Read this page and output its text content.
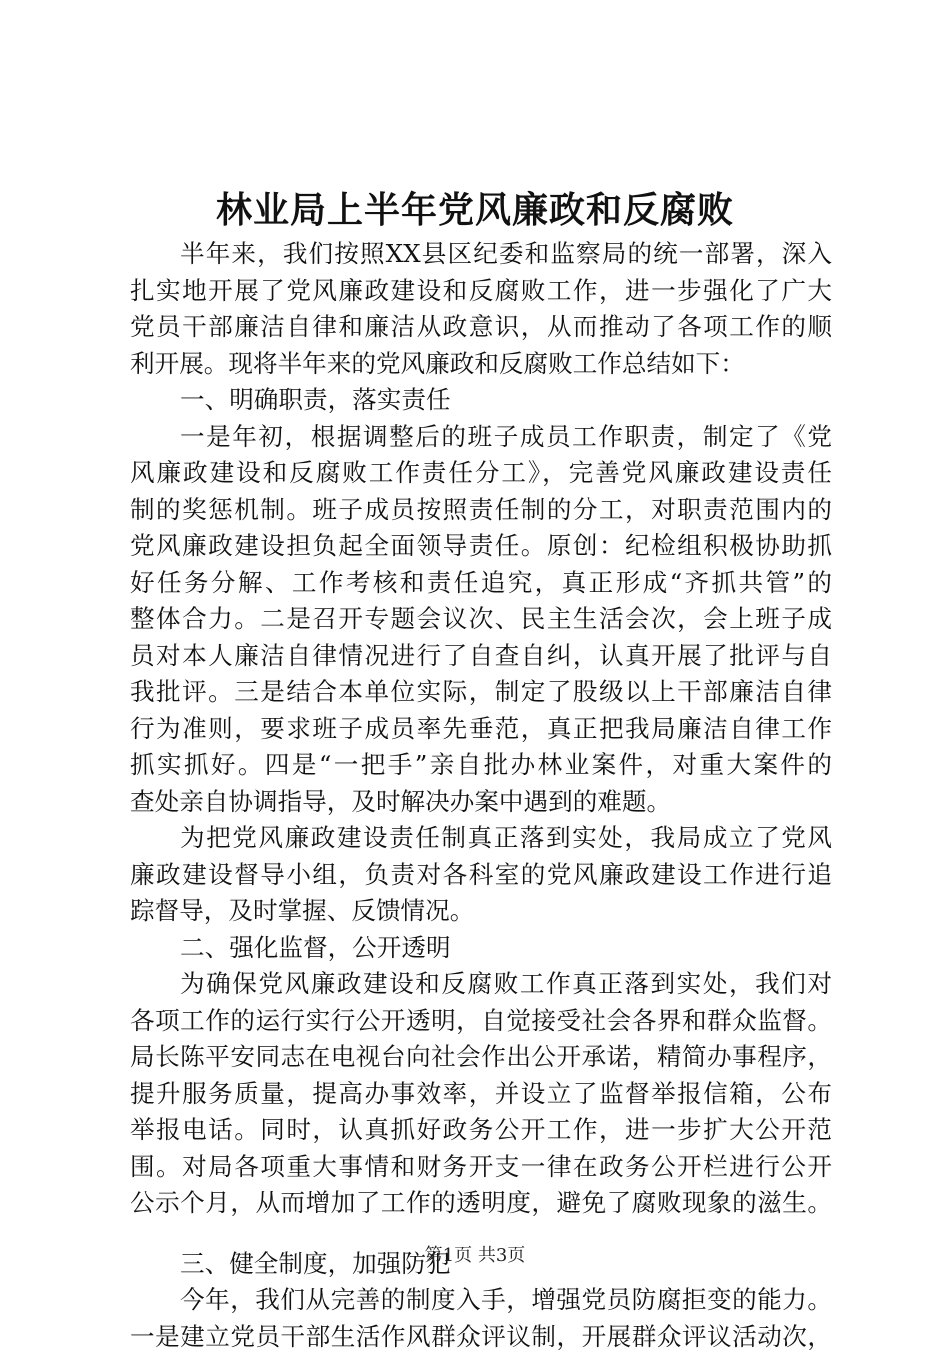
林业局上半年党风廉政和反腐败
半年来，我们按照XX县区纪委和监察局的统一部署，深入
扎实地开展了党风廉政建设和反腐败工作，进一步强化了广大
党员干部廉洁自律和廉洁从政意识，从而推动了各项工作的顺
利开展。现将半年来的党风廉政和反腐败工作总结如下：
一、明确职责，落实责任
一是年初，根据调整后的班子成员工作职责，制定了《党
风廉政建设和反腐败工作责任分工》，完善党风廉政建设责任
制的奖惩机制。班子成员按照责任制的分工，对职责范围内的
党风廉政建设担负起全面领导责任。原创：纪检组积极协助抓
好任务分解、工作考核和责任追究，真正形成“齐抓共管”的
整体合力。二是召开专题会议次、民主生活会次，会上班子成
员对本人廉洁自律情况进行了自查自纠，认真开展了批评与自
我批评。三是结合本单位实际，制定了股级以上干部廉洁自律
行为准则，要求班子成员率先垂范，真正把我局廉洁自律工作
抓实抓好。四是“一把手”亲自批办林业案件，对重大案件的
查处亲自协调指导，及时解决办案中遇到的难题。
为把党风廉政建设责任制真正落到实处，我局成立了党风
廉政建设督导小组，负责对各科室的党风廉政建设工作进行追
踪督导，及时掌握、反馈情况。
二、强化监督，公开透明
为确保党风廉政建设和反腐败工作真正落到实处，我们对
各项工作的运行实行公开透明，自觉接受社会各界和群众监督。
局长陈平安同志在电视台向社会作出公开承诺，精简办事程序，
提升服务质量，提高办事效率，并设立了监督举报信箱，公布
举报电话。同时，认真抓好政务公开工作，进一步扩大公开范
围。对局各项重大事情和财务开支一律在政务公开栏进行公开
公示个月，从而增加了工作的透明度，避免了腐败现象的滋生。
三、健全制度，加强防犯
今年，我们从完善的制度入手，增强党员防腐拒变的能力。
一是建立党员干部生活作风群众评议制，开展群众评议活动次，
第1页 共3页
